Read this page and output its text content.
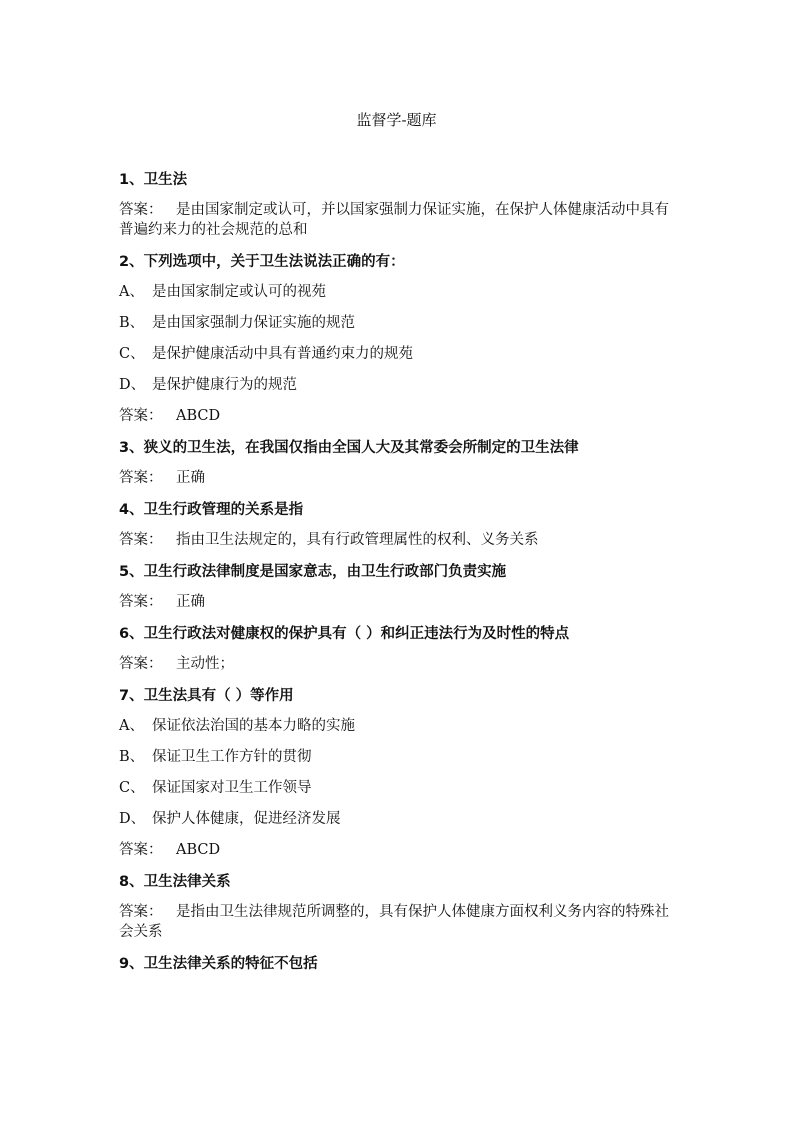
监督学-题库
1、卫生法
答案： 是由国家制定或认可，并以国家强制力保证实施，在保护人体健康活动中具有普遍约来力的社会规范的总和
2、下列选项中，关于卫生法说法正确的有：
A、 是由国家制定或认可的视苑
B、 是由国家强制力保证实施的规范
C、 是保护健康活动中具有普通约束力的规苑
D、 是保护健康行为的规范
答案： ABCD
3、狭义的卫生法，在我国仅指由全国人大及其常委会所制定的卫生法律
答案： 正确
4、卫生行政管理的关系是指
答案： 指由卫生法规定的，具有行政管理属性的权利、义务关系
5、卫生行政法律制度是国家意志，由卫生行政部门负责实施
答案： 正确
6、卫生行政法对健康权的保护具有（ ）和纠正违法行为及时性的特点
答案： 主动性；
7、卫生法具有（ ）等作用
A、 保证依法治国的基本力略的实施
B、 保证卫生工作方针的贯彻
C、 保证国家对卫生工作领导
D、 保护人体健康，促进经济发展
答案： ABCD
8、卫生法律关系
答案： 是指由卫生法律规范所调整的，具有保护人体健康方面权利义务内容的特殊社会关系
9、卫生法律关系的特征不包括
